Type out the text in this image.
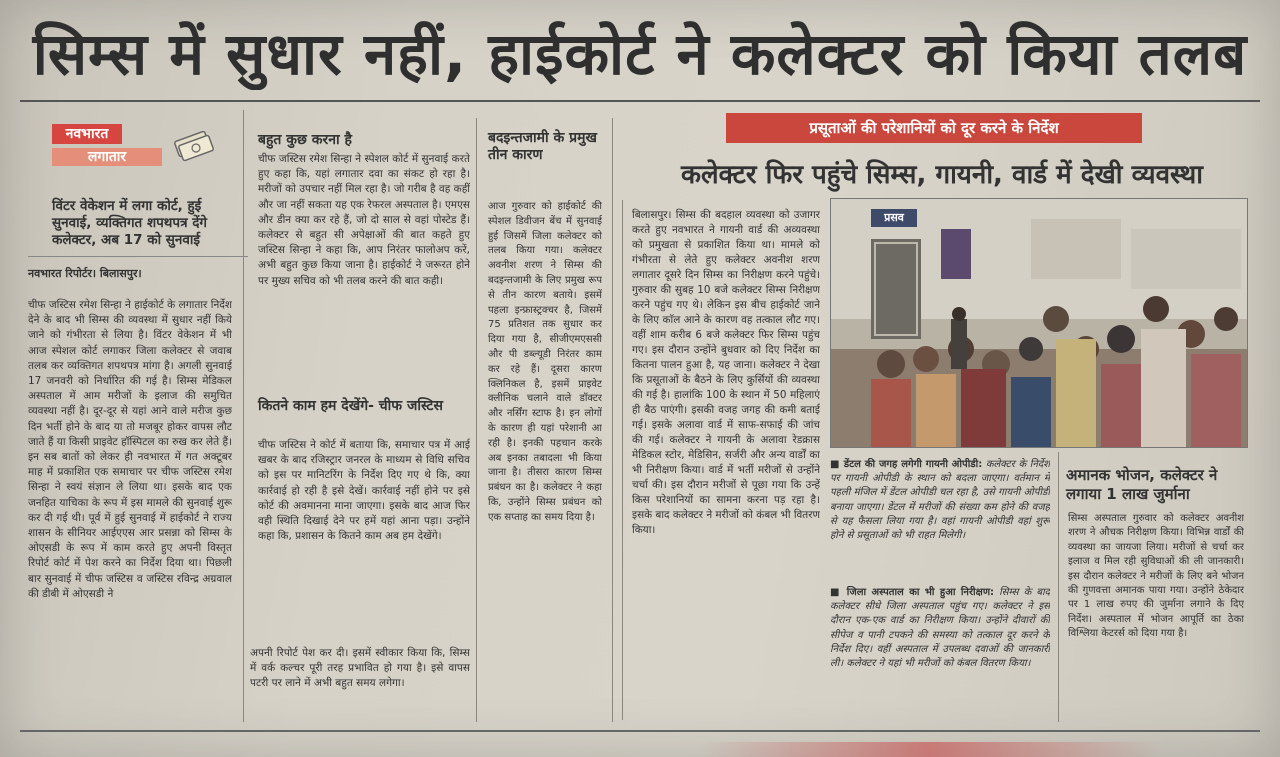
सिम्स में सुधार नहीं, हाईकोर्ट ने कलेक्टर को किया तलब
नवभारत
लगातार
विंटर वेकेशन में लगा कोर्ट, हुई सुनवाई, व्यक्तिगत शपथपत्र देंगे कलेक्टर, अब 17 को सुनवाई
नवभारत रिपोर्टर। बिलासपुर।
चीफ जस्टिस रमेश सिन्हा ने हाईकोर्ट के लगातार निर्देश देने के बाद भी सिम्स की व्यवस्था में सुधार नहीं किये जाने को गंभीरता से लिया है। विंटर वेकेशन में भी आज स्पेशल कोर्ट लगाकर जिला कलेक्टर से जवाब तलब कर व्यक्तिगत शपथपत्र मांगा है। अगली सुनवाई 17 जनवरी को निर्धारित की गई है। सिम्स मेडिकल अस्पताल में आम मरीजों के इलाज की समुचित व्यवस्था नहीं है। दूर-दूर से यहां आने वाले मरीज कुछ दिन भर्ती होने के बाद या तो मजबूर होकर वापस लौट जाते हैं या किसी प्राइवेट हॉस्पिटल का रुख कर लेते हैं। इन सब बातों को लेकर ही नवभारत में गत अक्टूबर माह में प्रकाशित एक समाचार पर चीफ जस्टिस रमेश सिन्हा ने स्वयं संज्ञान ले लिया था। इसके बाद एक जनहित याचिका के रूप में इस मामले की सुनवाई शुरू कर दी गई थी। पूर्व में हुई सुनवाई में हाईकोर्ट ने राज्य शासन के सीनियर आईएएस आर प्रसन्ना को सिम्स के ओएसडी के रूप में काम करते हुए अपनी विस्तृत रिपोर्ट कोर्ट में पेश करने का निर्देश दिया था। पिछली बार सुनवाई में चीफ जस्टिस व जस्टिस रविन्द्र अग्रवाल की डीबी में ओएसडी ने
बहुत कुछ करना है
चीफ जस्टिस रमेश सिन्हा ने स्पेशल कोर्ट में सुनवाई करते हुए कहा कि, यहां लगातार दवा का संकट हो रहा है। मरीजों को उपचार नहीं मिल रहा है। जो गरीब है वह कहीं और जा नहीं सकता यह एक रेफरल अस्पताल है। एमएस और डीन क्या कर रहे हैं, जो दो साल से वहां पोस्टेड हैं। कलेक्टर से बहुत सी अपेक्षाओं की बात कहते हुए जस्टिस सिन्हा ने कहा कि, आप निरंतर फालोअप करें, अभी बहुत कुछ किया जाना है। हाईकोर्ट ने जरूरत होने पर मुख्य सचिव को भी तलब करने की बात कही।
कितने काम हम देखेंगे- चीफ जस्टिस
चीफ जस्टिस ने कोर्ट में बताया कि, समाचार पत्र में आई खबर के बाद रजिस्ट्रार जनरल के माध्यम से विधि सचिव को इस पर मानिटरिंग के निर्देश दिए गए थे कि, क्या कार्रवाई हो रही है इसे देखें। कार्रवाई नहीं होने पर इसे कोर्ट की अवमानना माना जाएगा। इसके बाद आज फिर वही स्थिति दिखाई देने पर हमें यहां आना पड़ा। उन्होंने कहा कि, प्रशासन के कितने काम अब हम देखेंगे।
अपनी रिपोर्ट पेश कर दी। इसमें स्वीकार किया कि, सिम्स में वर्क कल्चर पूरी तरह प्रभावित हो गया है। इसे वापस पटरी पर लाने में अभी बहुत समय लगेगा।
बदइन्तजामी के प्रमुख तीन कारण
आज गुरुवार को हाईकोर्ट की स्पेशल डिवीजन बेंच में सुनवाई हुई जिसमें जिला कलेक्टर को तलब किया गया। कलेक्टर अवनीश शरण ने सिम्स की बदइन्तजामी के लिए प्रमुख रूप से तीन कारण बताये। इसमें पहला इन्फ्रास्ट्रक्चर है, जिसमें 75 प्रतिशत तक सुधार कर दिया गया है, सीजीएमएससी और पी डब्ल्यूडी निरंतर काम कर रहे हैं। दूसरा कारण क्लिनिकल है, इसमें प्राइवेट क्लीनिक चलाने वाले डॉक्टर और नर्सिंग स्टाफ है। इन लोगों के कारण ही यहां परेशानी आ रही है। इनकी पहचान करके अब इनका तबादला भी किया जाना है। तीसरा कारण सिम्स प्रबंधन का है। कलेक्टर ने कहा कि, उन्होंने सिम्स प्रबंधन को एक सप्ताह का समय दिया है।
प्रसूताओं की परेशानियों को दूर करने के निर्देश
कलेक्टर फिर पहुंचे सिम्स, गायनी, वार्ड में देखी व्यवस्था
बिलासपुर। सिम्स की बदहाल व्यवस्था को उजागर करते हुए नवभारत ने गायनी वार्ड की अव्यवस्था को प्रमुखता से प्रकाशित किया था। मामले को गंभीरता से लेते हुए कलेक्टर अवनीश शरण लगातार दूसरे दिन सिम्स का निरीक्षण करने पहुंचे। गुरुवार की सुबह 10 बजे कलेक्टर सिम्स निरीक्षण करने पहुंच गए थे। लेकिन इस बीच हाईकोर्ट जाने के लिए काॅल आने के कारण वह तत्काल लौट गए। वहीं शाम करीब 6 बजे कलेक्टर फिर सिम्स पहुंच गए। इस दौरान उन्होंने बुधवार को दिए निर्देश का कितना पालन हुआ है, यह जाना। कलेक्टर ने देखा कि प्रसूताओं के बैठने के लिए कुर्सियों की व्यवस्था की गई है। हालांकि 100 के स्थान में 50 महिलाएं ही बैठ पाएंगी। इसकी वजह जगह की कमी बताई गई। इसके अलावा वार्ड में साफ-सफाई की जांच की गई। कलेक्टर ने गायनी के अलावा रेडक्रास मेडिकल स्टोर, मेडिसिन, सर्जरी और अन्य वार्डों का भी निरीक्षण किया। वार्ड में भर्ती मरीजों से उन्होंने चर्चा की। इस दौरान मरीजों से पूछा गया कि उन्हें किस परेशानियों का सामना करना पड़ रहा है। इसके बाद कलेक्टर ने मरीजों को कंबल भी वितरण किया।
प्रसव
■ डेंटल की जगह लगेगी गायनी ओपीडी: कलेक्टर के निर्देश पर गायनी ओपीडी के स्थान को बदला जाएगा। वर्तमान में पहली मंजिल में डेंटल ओपीडी चल रहा है, उसे गायनी ओपीडी बनाया जाएगा। डेंटल में मरीजों की संख्या कम होने की वजह से यह फैसला लिया गया है। वहां गायनी ओपीडी वहां शुरू होने से प्रसूताओं को भी राहत मिलेगी।
■ जिला अस्पताल का भी हुआ निरीक्षण: सिम्स के बाद कलेक्टर सीधे जिला अस्पताल पहुंच गए। कलेक्टर ने इस दौरान एक-एक वार्ड का निरीक्षण किया। उन्होंने दीवारों की सीपेज व पानी टपकने की समस्या को तत्काल दूर करने के निर्देश दिए। वहीं अस्पताल में उपलब्ध दवाओं की जानकारी ली। कलेक्टर ने यहां भी मरीजों को कंबल वितरण किया।
अमानक भोजन, कलेक्टर ने लगाया 1 लाख जुर्माना
सिम्स अस्पताल गुरुवार को कलेक्टर अवनीश शरण ने औचक निरीक्षण किया। विभिन्न वार्डों की व्यवस्था का जायजा लिया। मरीजों से चर्चा कर इलाज व मिल रही सुविधाओं की ली जानकारी। इस दौरान कलेक्टर ने मरीजों के लिए बने भोजन की गुणवत्ता अमानक पाया गया। उन्होंने ठेकेदार पर 1 लाख रुपए की जुर्माना लगाने के दिए निर्देश। अस्पताल में भोजन आपूर्ति का ठेका विश्लिया केटरर्स को दिया गया है।
